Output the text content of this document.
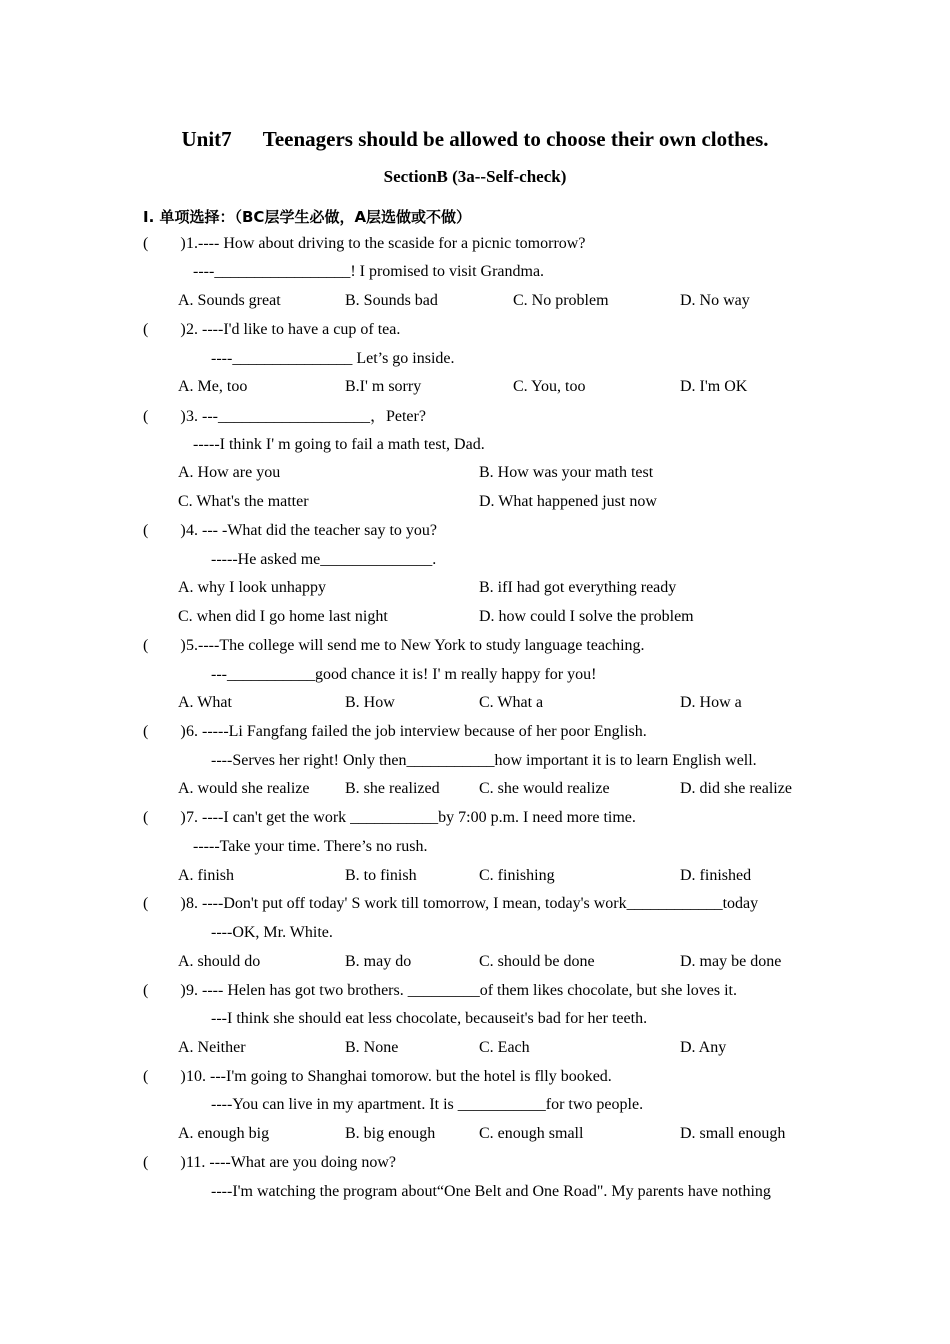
Unit7      Teenagers should be allowed to choose their own clothes.
SectionB (3a--Self-check)
I. 单项选择：（BC层学生必做，A层选做或不做）
(        ) 1.---- How about driving to the scaside for a picnic tomorrow?
----_________________! I promised to visit Grandma.
A. Sounds great	B. Sounds bad	C. No problem	D. No way
(        ) 2. ----I'd like to have a cup of tea.
----_______________ Let’s go inside.
A. Me, too	B.I' m sorry	C. You, too	D. I'm OK
(        ) 3. ---___________________，Peter?
-----I think I' m going to fail a math test, Dad.
A. How are you	B. How was your math test
C. What's the matter	D. What happened just now
(        ) 4. --- -What did the teacher say to you?
-----He asked me______________.
A. why I look unhappy	B. ifI had got everything ready
C. when did I go home last night	D. how could I solve the problem
(        ) 5.----The college will send me to New York to study language teaching.
---___________good chance it is! I' m really happy for you!
A. What	B. How	C. What a	D. How a
(        ) 6. -----Li Fangfang failed the job interview because of her poor English.
----Serves her right! Only then___________how important it is to learn English well.
A. would she realize B. she realized C. she would realize	D. did she realize
(        ) 7. ----I can't get the work ___________by 7:00 p.m. I need more time.
-----Take your time. There’s no rush.
A. finish	B. to finish	C. finishing	D. finished
(        ) 8. ----Don't put off today' S work till tomorrow, I mean, today's work____________today
----OK, Mr. White.
A. should do	B. may do	C. should be done	D. may be done
(        ) 9. ---- Helen has got two brothers. _________of them likes chocolate, but she loves it.
---I think she should eat less chocolate, becauseit's bad for her teeth.
A. Neither	B. None	C. Each	D. Any
(        ) 10. ---I'm going to Shanghai tomorow. but the hotel is flly booked.
----You can live in my apartment. It is ___________for two people.
A. enough big	B. big enough	C. enough small	D. small enough
(        ) 11. ----What are you doing now?
----I'm watching the program about“One Belt and One Road". My parents have nothing
